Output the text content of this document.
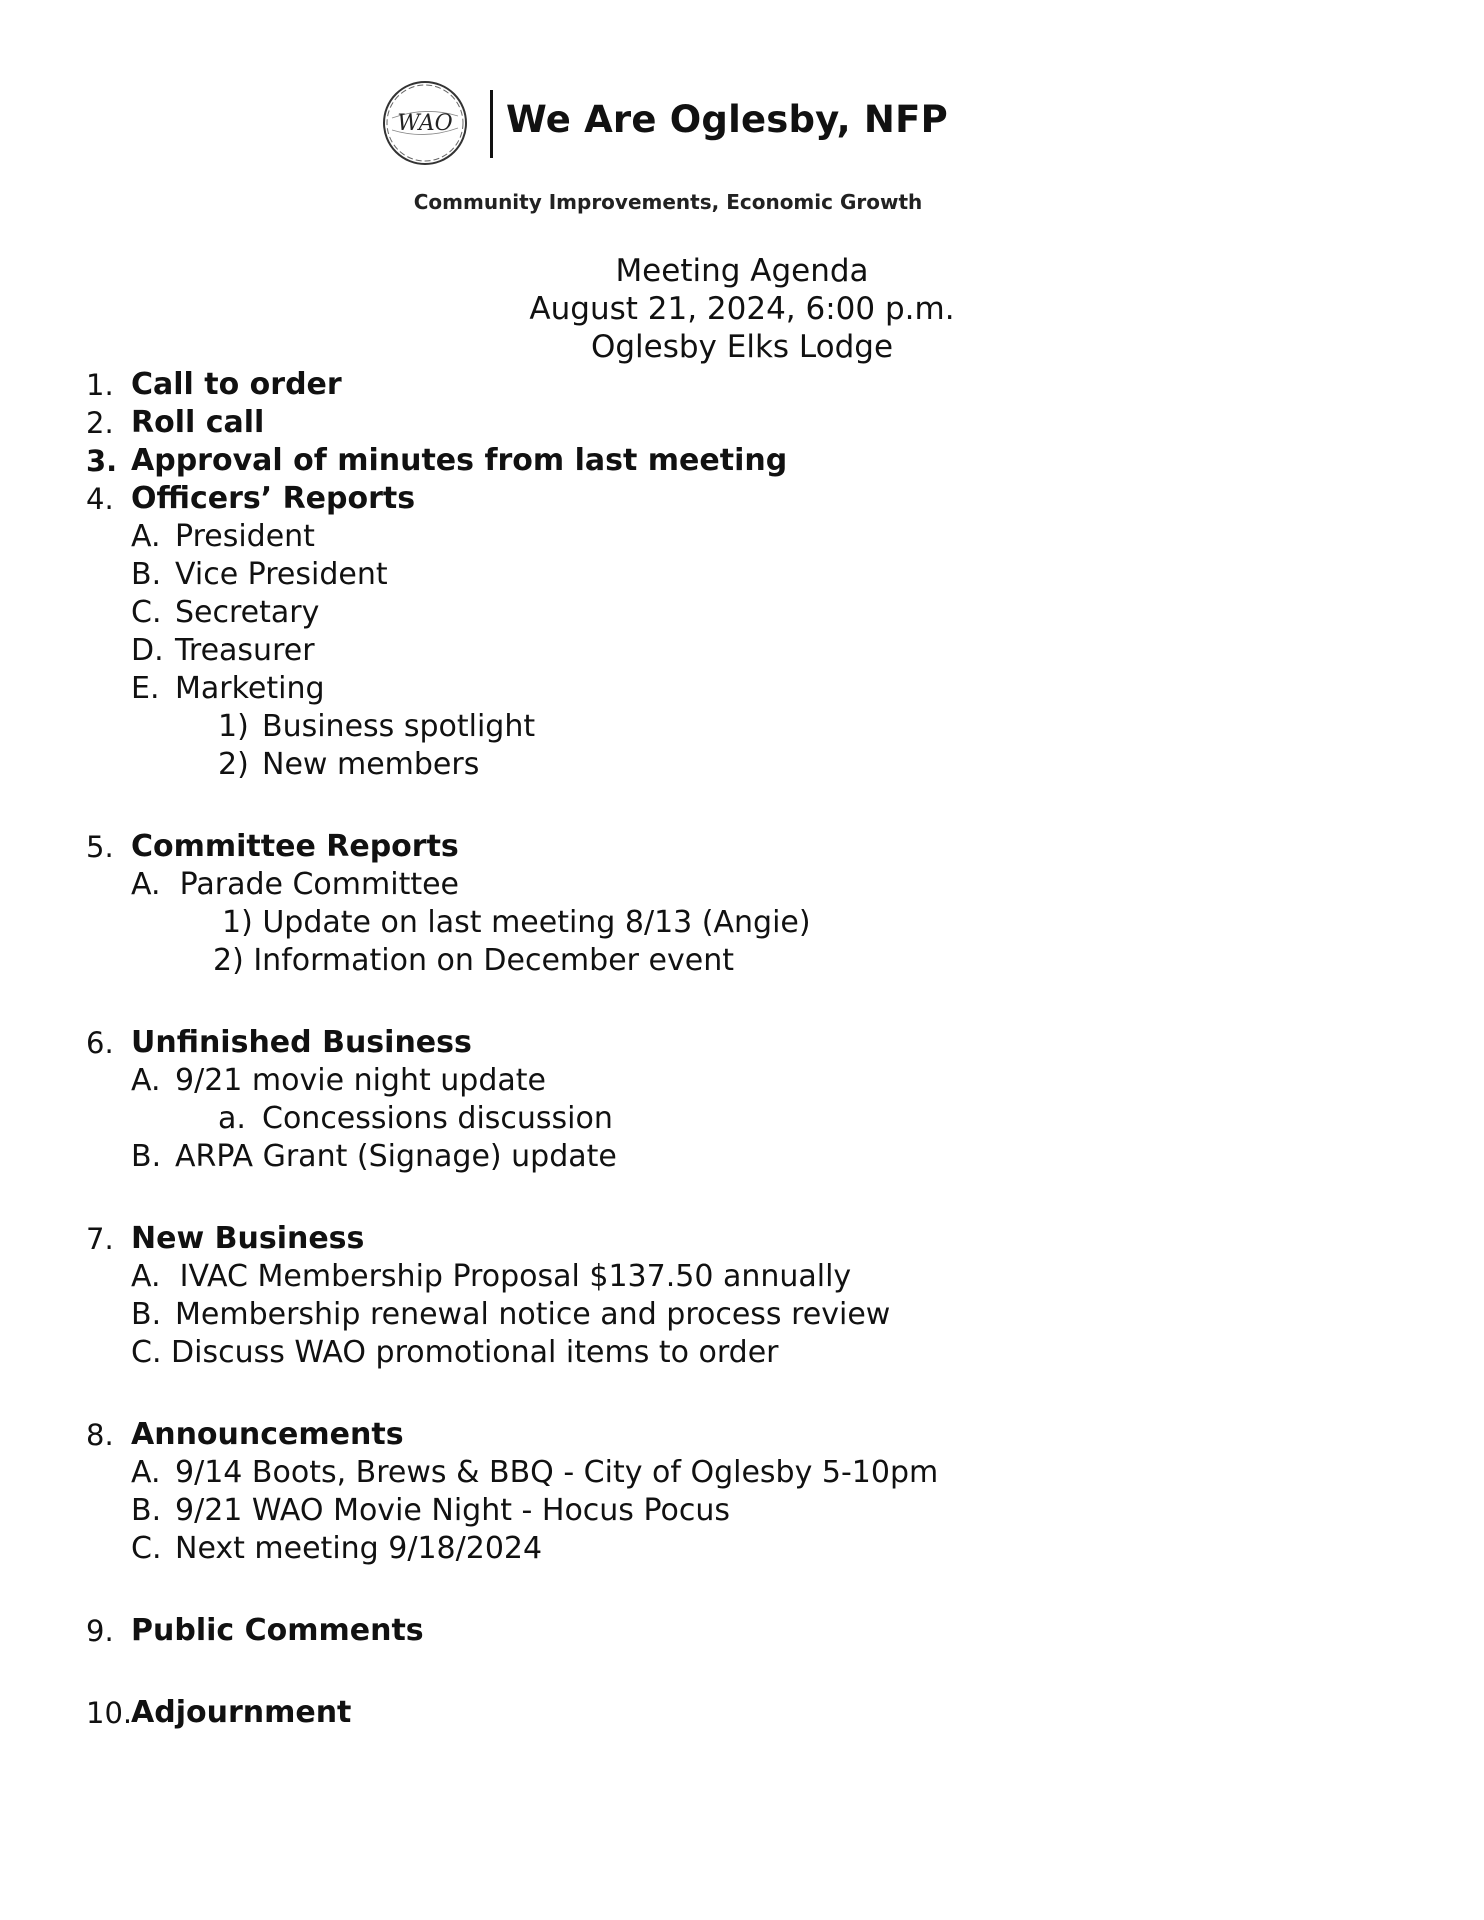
WAO We Are Oglesby, NFP
Community Improvements, Economic Growth
Meeting Agenda
August 21, 2024, 6:00 p.m.
Oglesby Elks Lodge
1. Call to order
2. Roll call
3. Approval of minutes from last meeting
4. Officers’ Reports
A. President
B. Vice President
C. Secretary
D. Treasurer
E. Marketing
1) Business spotlight
2) New members
5. Committee Reports
A.  Parade Committee
1) Update on last meeting 8/13 (Angie)
2) Information on December event
6. Unfinished Business
A. 9/21 movie night update
a. Concessions discussion
B. ARPA Grant (Signage) update
7. New Business
A.  IVAC Membership Proposal $137.50 annually
B. Membership renewal notice and process review
C. Discuss WAO promotional items to order
8. Announcements
A. 9/14 Boots, Brews & BBQ - City of Oglesby 5-10pm
B. 9/21 WAO Movie Night - Hocus Pocus
C. Next meeting 9/18/2024
9. Public Comments
10.
Adjournment
